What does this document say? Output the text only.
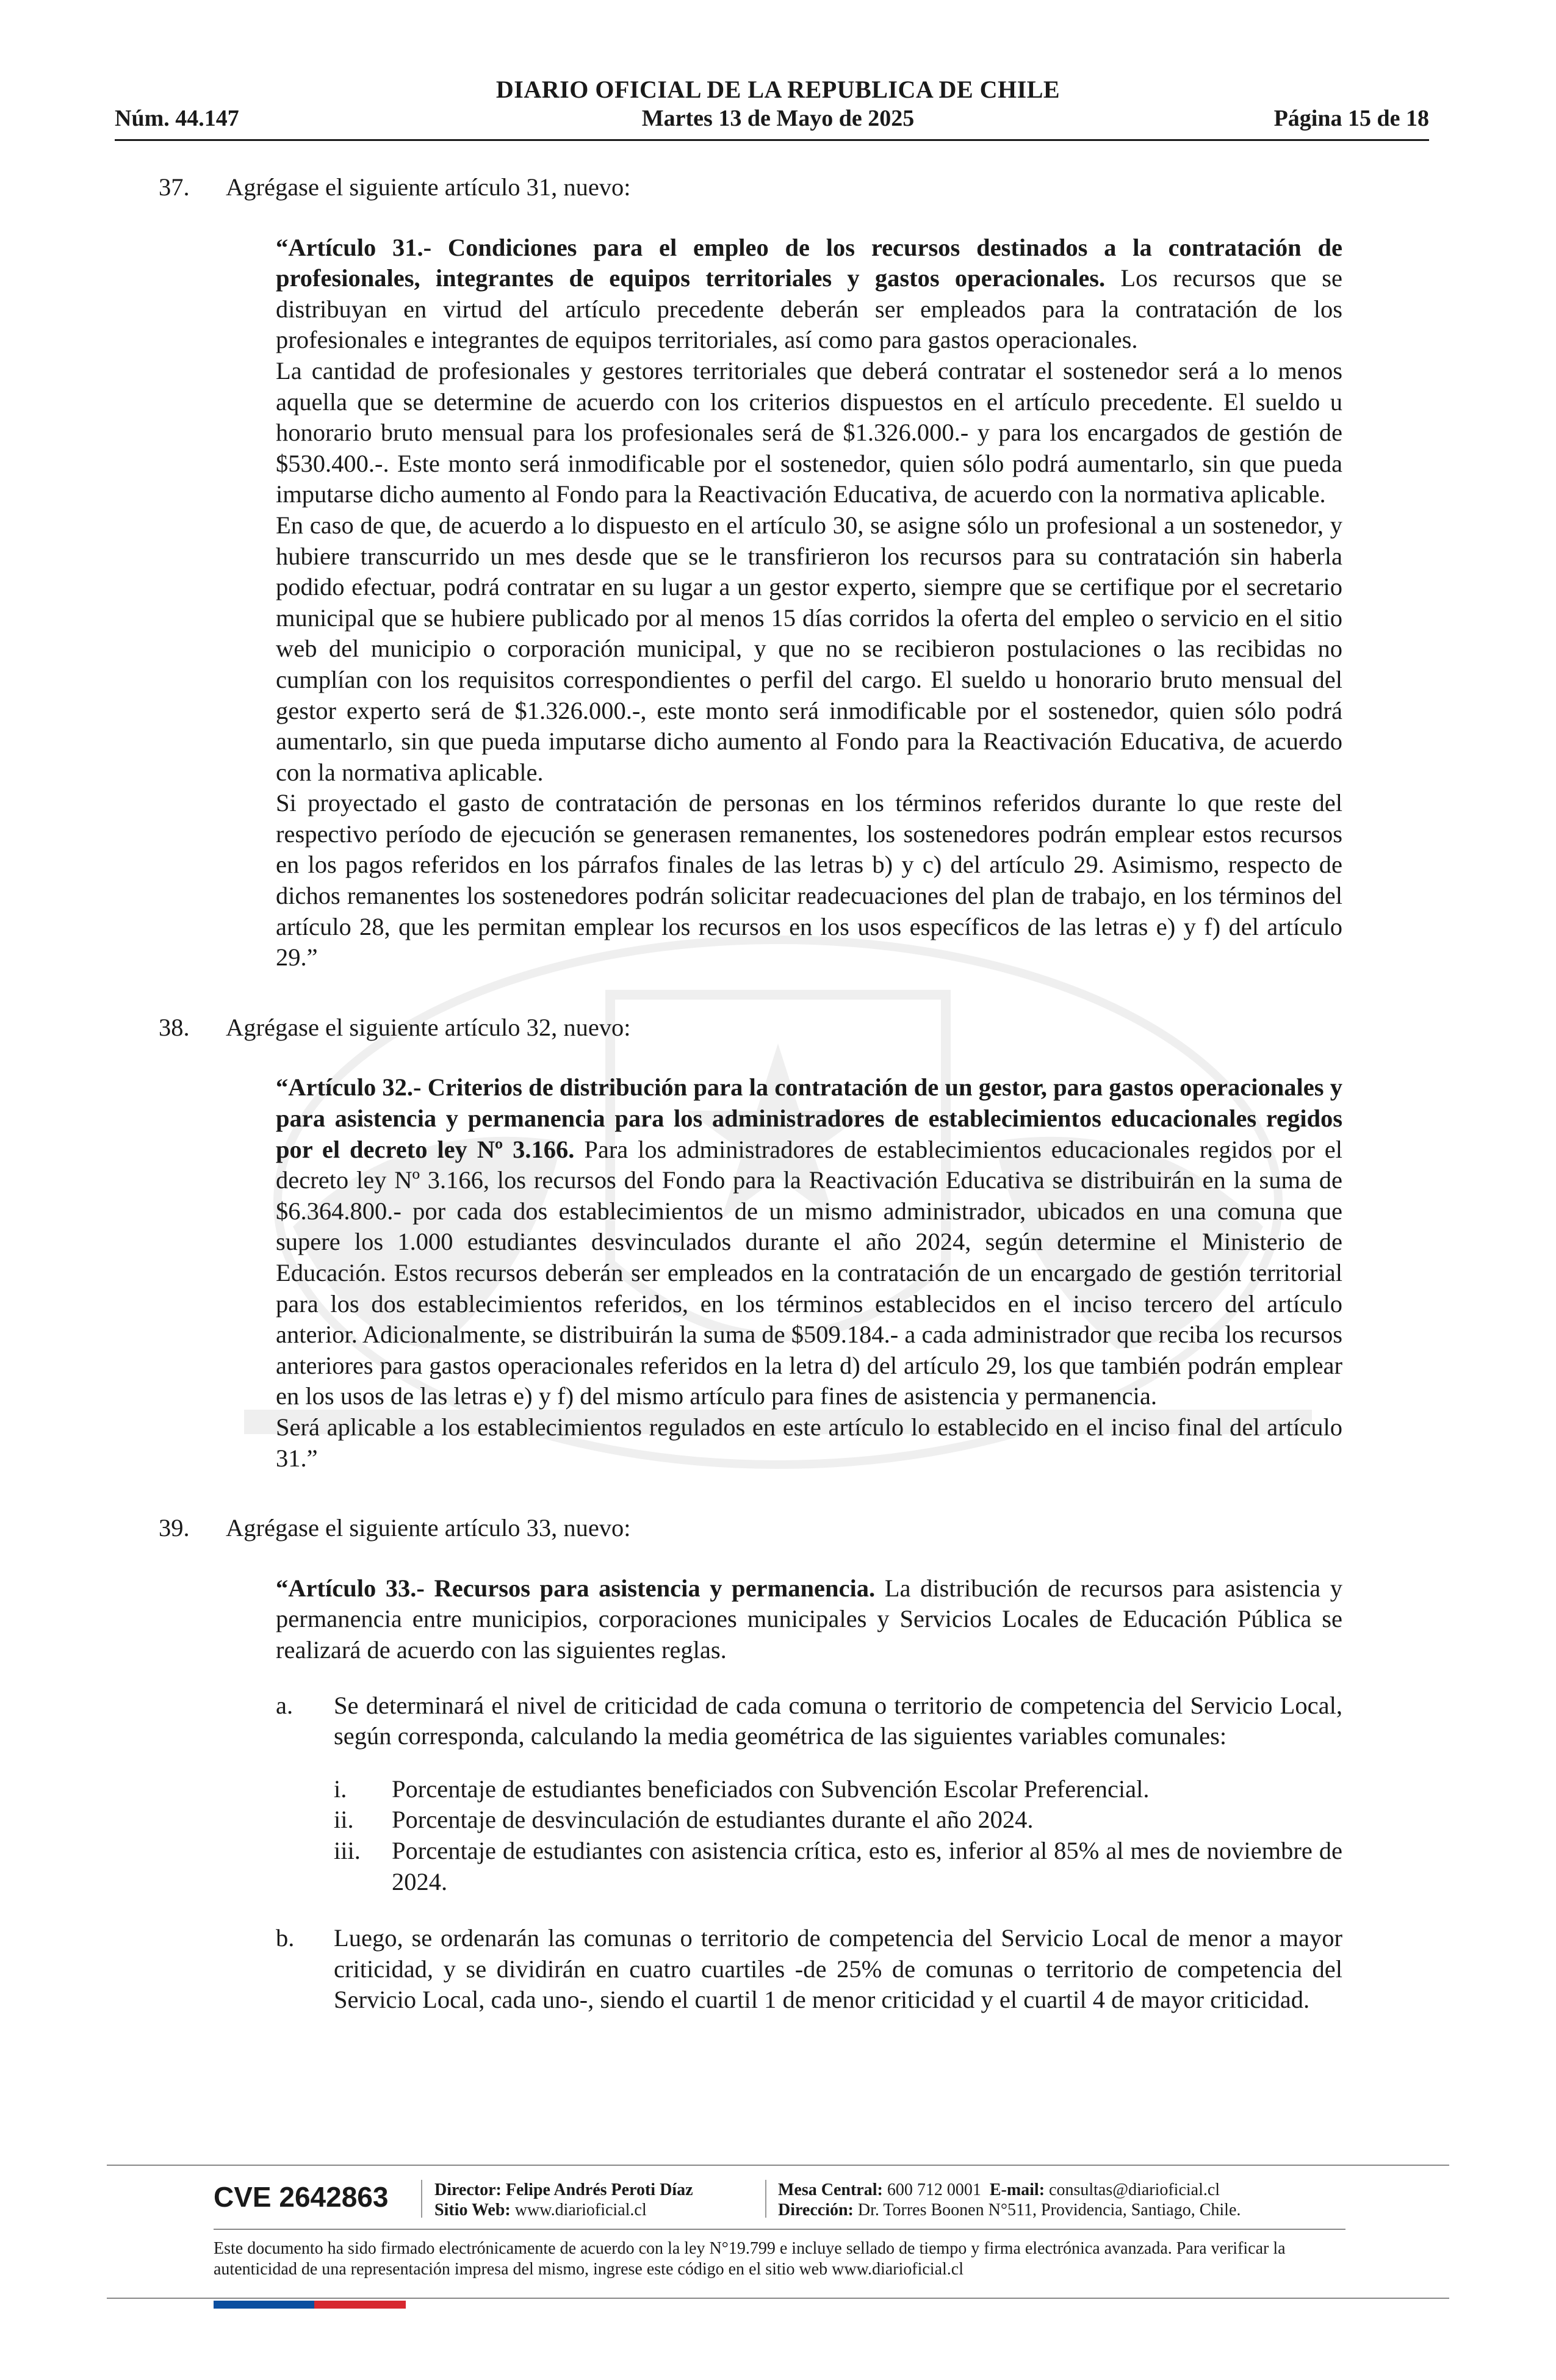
DIARIO OFICIAL DE LA REPUBLICA DE CHILE
Núm. 44.147	Martes 13 de Mayo de 2025	Página 15 de 18

37. Agrégase el siguiente artículo 31, nuevo:

“Artículo 31.- Condiciones para el empleo de los recursos destinados a la contratación de profesionales, integrantes de equipos territoriales y gastos operacionales. Los recursos que se distribuyan en virtud del artículo precedente deberán ser empleados para la contratación de los profesionales e integrantes de equipos territoriales, así como para gastos operacionales.

La cantidad de profesionales y gestores territoriales que deberá contratar el sostenedor será a lo menos aquella que se determine de acuerdo con los criterios dispuestos en el artículo precedente. El sueldo u honorario bruto mensual para los profesionales será de $1.326.000.- y para los encargados de gestión de $530.400.-. Este monto será inmodificable por el sostenedor, quien sólo podrá aumentarlo, sin que pueda imputarse dicho aumento al Fondo para la Reactivación Educativa, de acuerdo con la normativa aplicable.

En caso de que, de acuerdo a lo dispuesto en el artículo 30, se asigne sólo un profesional a un sostenedor, y hubiere transcurrido un mes desde que se le transfirieron los recursos para su contratación sin haberla podido efectuar, podrá contratar en su lugar a un gestor experto, siempre que se certifique por el secretario municipal que se hubiere publicado por al menos 15 días corridos la oferta del empleo o servicio en el sitio web del municipio o corporación municipal, y que no se recibieron postulaciones o las recibidas no cumplían con los requisitos correspondientes o perfil del cargo. El sueldo u honorario bruto mensual del gestor experto será de $1.326.000.-, este monto será inmodificable por el sostenedor, quien sólo podrá aumentarlo, sin que pueda imputarse dicho aumento al Fondo para la Reactivación Educativa, de acuerdo con la normativa aplicable.

Si proyectado el gasto de contratación de personas en los términos referidos durante lo que reste del respectivo período de ejecución se generasen remanentes, los sostenedores podrán emplear estos recursos en los pagos referidos en los párrafos finales de las letras b) y c) del artículo 29. Asimismo, respecto de dichos remanentes los sostenedores podrán solicitar readecuaciones del plan de trabajo, en los términos del artículo 28, que les permitan emplear los recursos en los usos específicos de las letras e) y f) del artículo 29.”

38. Agrégase el siguiente artículo 32, nuevo:

“Artículo 32.- Criterios de distribución para la contratación de un gestor, para gastos operacionales y para asistencia y permanencia para los administradores de establecimientos educacionales regidos por el decreto ley Nº 3.166. Para los administradores de establecimientos educacionales regidos por el decreto ley Nº 3.166, los recursos del Fondo para la Reactivación Educativa se distribuirán en la suma de $6.364.800.- por cada dos establecimientos de un mismo administrador, ubicados en una comuna que supere los 1.000 estudiantes desvinculados durante el año 2024, según determine el Ministerio de Educación. Estos recursos deberán ser empleados en la contratación de un encargado de gestión territorial para los dos establecimientos referidos, en los términos establecidos en el inciso tercero del artículo anterior. Adicionalmente, se distribuirán la suma de $509.184.- a cada administrador que reciba los recursos anteriores para gastos operacionales referidos en la letra d) del artículo 29, los que también podrán emplear en los usos de las letras e) y f) del mismo artículo para fines de asistencia y permanencia.

Será aplicable a los establecimientos regulados en este artículo lo establecido en el inciso final del artículo 31.”

39. Agrégase el siguiente artículo 33, nuevo:

“Artículo 33.- Recursos para asistencia y permanencia. La distribución de recursos para asistencia y permanencia entre municipios, corporaciones municipales y Servicios Locales de Educación Pública se realizará de acuerdo con las siguientes reglas.

a. Se determinará el nivel de criticidad de cada comuna o territorio de competencia del Servicio Local, según corresponda, calculando la media geométrica de las siguientes variables comunales:
i. Porcentaje de estudiantes beneficiados con Subvención Escolar Preferencial.
ii. Porcentaje de desvinculación de estudiantes durante el año 2024.
iii. Porcentaje de estudiantes con asistencia crítica, esto es, inferior al 85% al mes de noviembre de 2024.
b. Luego, se ordenarán las comunas o territorio de competencia del Servicio Local de menor a mayor criticidad, y se dividirán en cuatro cuartiles -de 25% de comunas o territorio de competencia del Servicio Local, cada uno-, siendo el cuartil 1 de menor criticidad y el cuartil 4 de mayor criticidad.
CVE 2642863	Director: Felipe Andrés Peroti Díaz
Sitio Web: www.diarioficial.cl
Mesa Central: 600 712 0001 E-mail: consultas@diarioficial.cl
Dirección: Dr. Torres Boonen N°511, Providencia, Santiago, Chile.
Este documento ha sido firmado electrónicamente de acuerdo con la ley N°19.799 e incluye sellado de tiempo y firma electrónica avanzada. Para verificar la autenticidad de una representación impresa del mismo, ingrese este código en el sitio web www.diarioficial.cl
